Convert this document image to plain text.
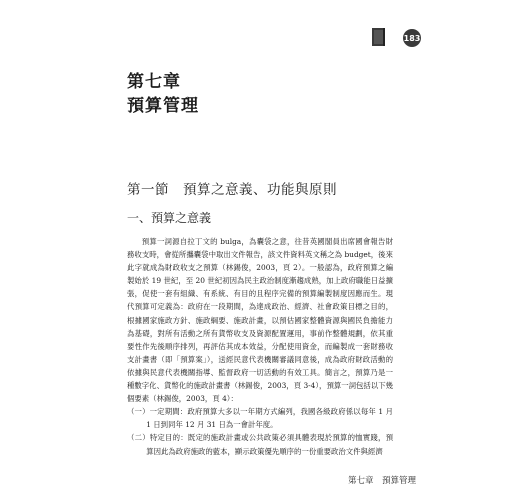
183
第七章
預算管理
第一節　預算之意義、功能與原則
一、預算之意義

預算一詞源自拉丁文的 bulga，為囊袋之意，往昔英國閣員出席國會報告財務收支時，會從所攜囊袋中取出文件報告，該文件資料英文稱之為 budget，後來此字就成為財政收支之預算（林錫俊，2003，頁 2）。一般認為，政府預算之編製始於 19 世紀，至 20 世紀初因為民主政治制度漸趨成熟，加上政府職能日益擴張，促使一套有組織、有系統、有目的且程序完備的預算編製制度因應而生。現代預算可定義為：政府在一段期間，為達成政治、經濟、社會政策目標之目的，根據國家施政方針、施政綱要、施政計畫，以預估國家整體資源與國民負擔能力為基礎，對所有活動之所有貨幣收支及資源配置運用，事前作整體規劃，依其重要性作先後順序排列，再評估其成本效益，分配使用資金，而編製成一套財務收支計畫書（即「預算案」），送經民意代表機關審議同意後，成為政府財政活動的依據與民意代表機關指導、監督政府一切活動的有效工具。簡言之，預算乃是一種數字化、貨幣化的施政計畫書（林錫俊，2003，頁 3-4），預算一詞包括以下幾個要素（林錫俊，2003，頁 4）：

（一）一定期間：政府預算大多以一年期方式編列，我國各級政府係以每年 1 月 1 日到同年 12 月 31 日為一會計年度。

（二）特定目的：既定的施政計畫或公共政策必須具體表現於預算的恤實踐，預算因此為政府施政的藍本，顯示政策優先順序的一份重要政治文件與經濟

第七章　預算管理
